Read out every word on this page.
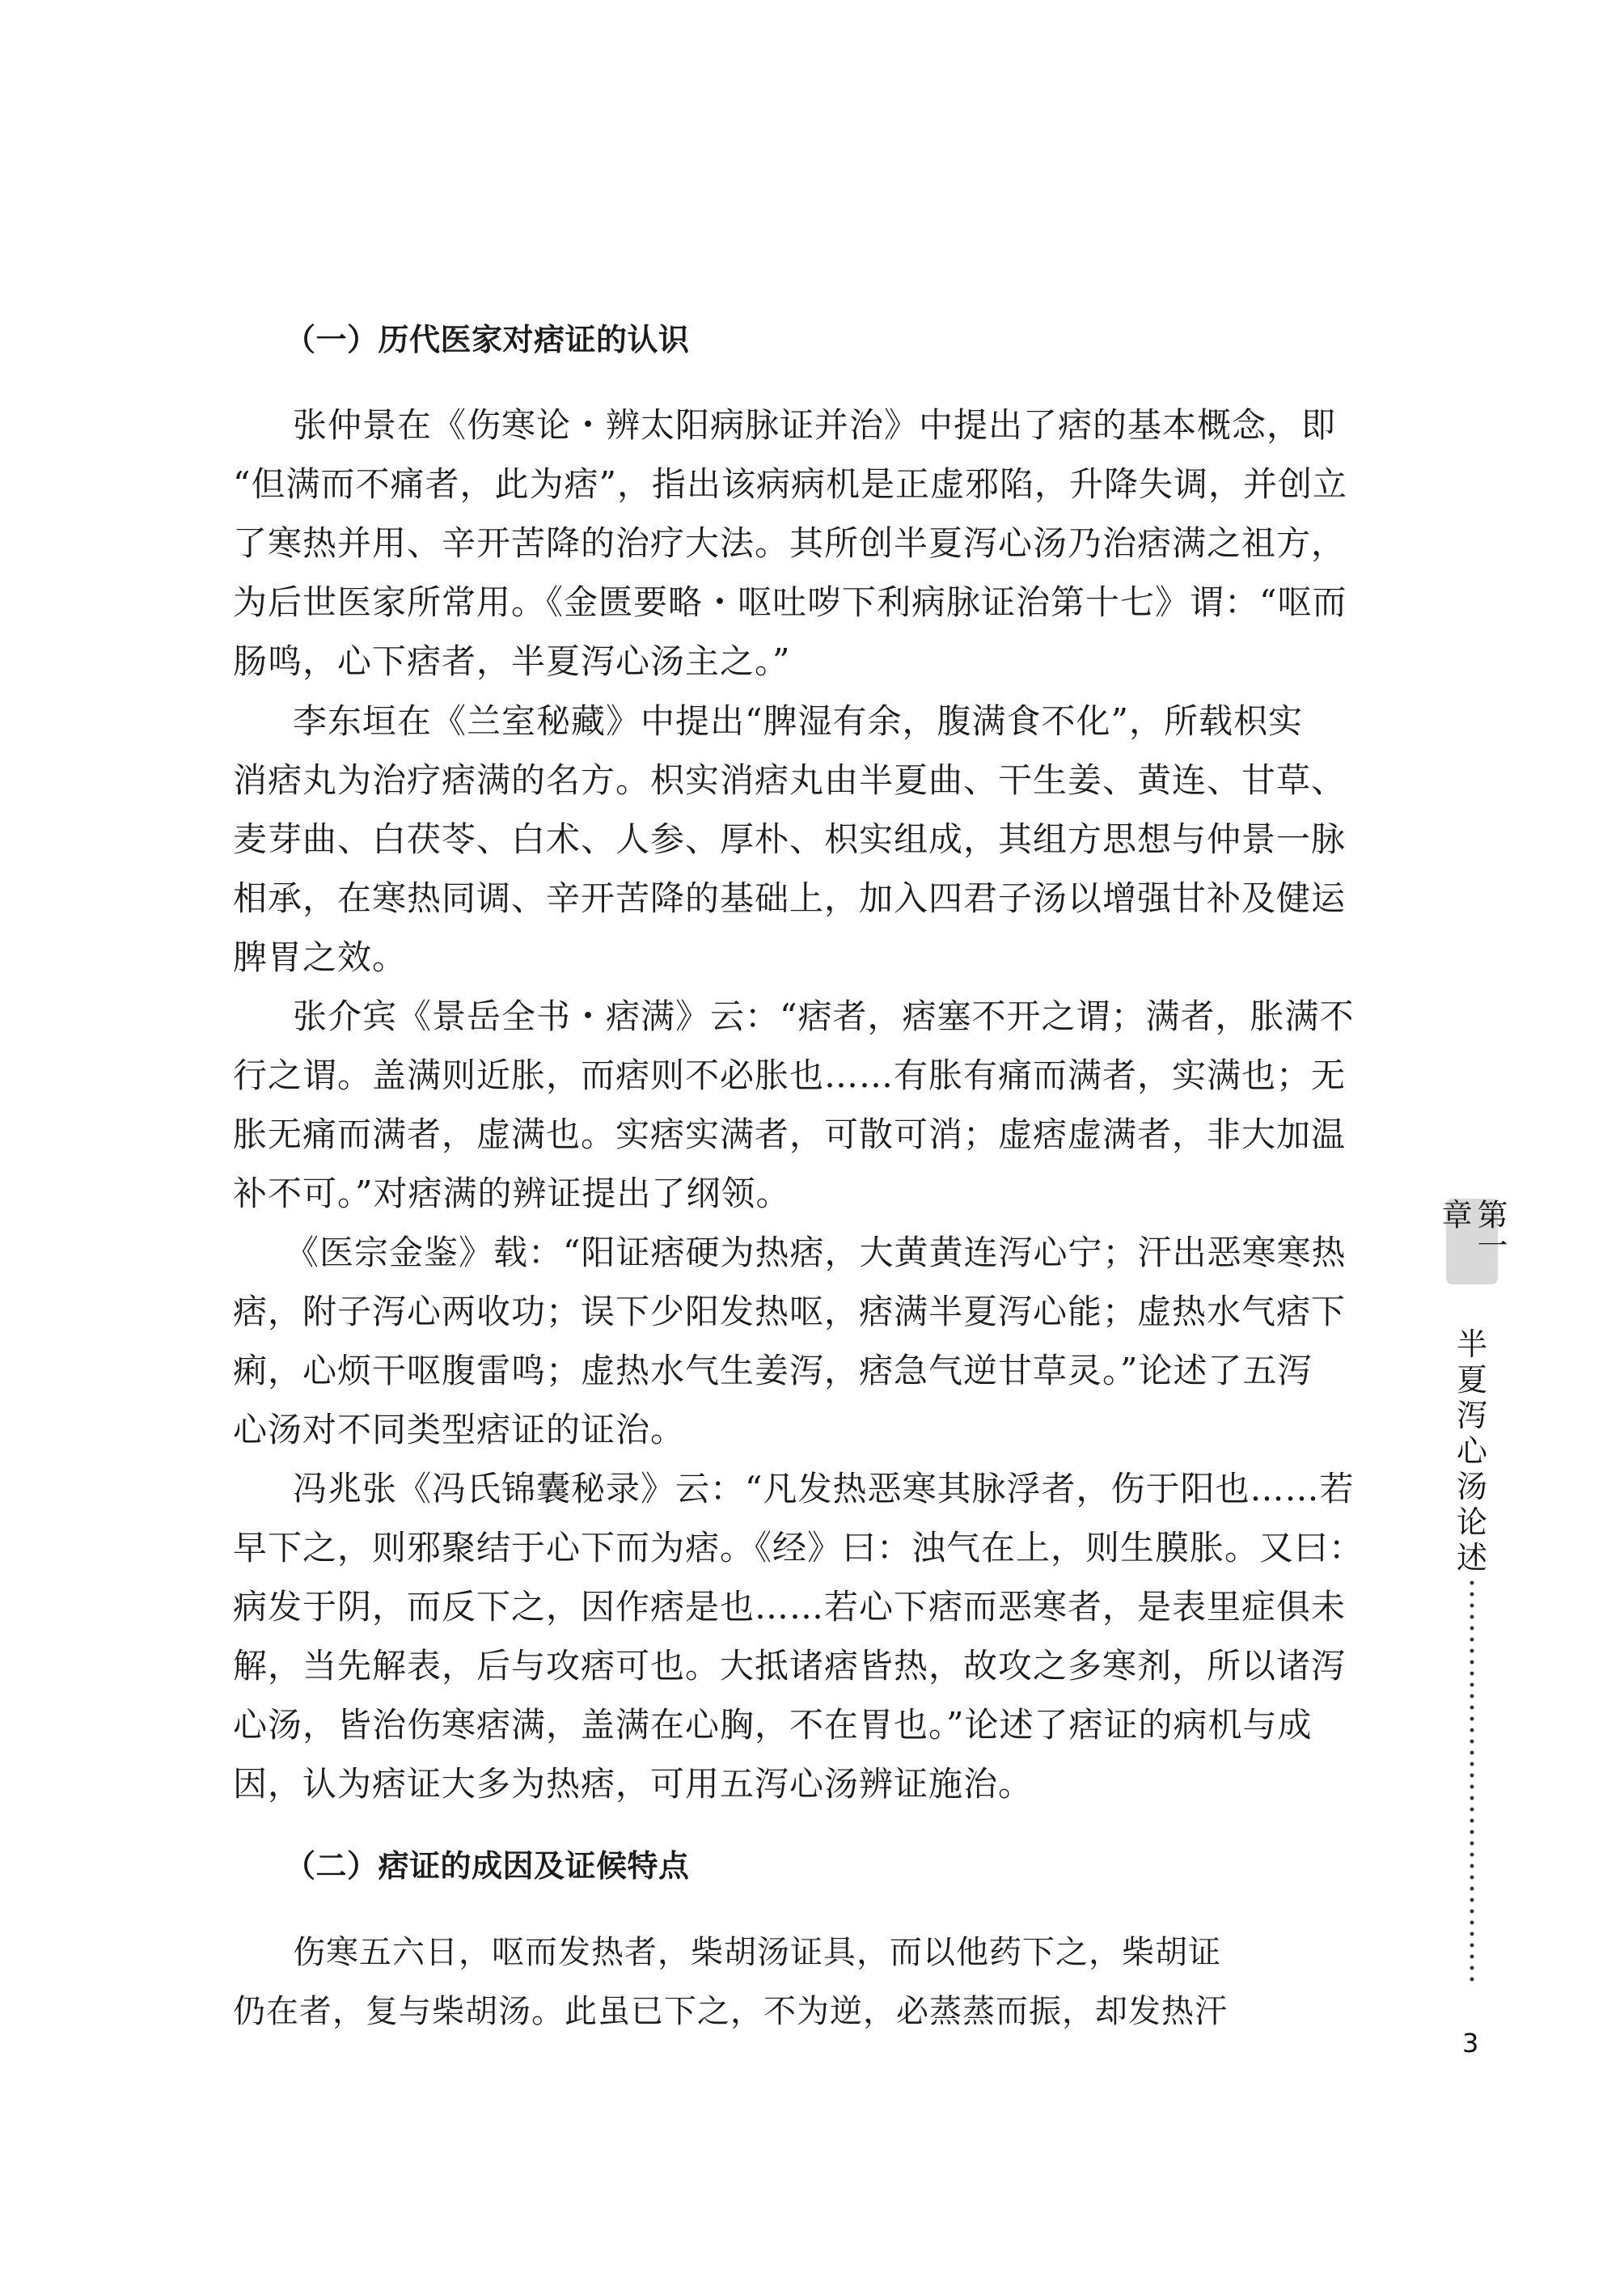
（一）历代医家对痞证的认识
张仲景在《伤寒论・辨太阳病脉证并治》中提出了痞的基本概念，即
“但满而不痛者，此为痞”，指出该病病机是正虚邪陷，升降失调，并创立
了寒热并用、辛开苦降的治疗大法。其所创半夏泻心汤乃治痞满之祖方，
为后世医家所常用。《金匮要略・呕吐哕下利病脉证治第十七》谓：“呕而
肠鸣，心下痞者，半夏泻心汤主之。”
李东垣在《兰室秘藏》中提出“脾湿有余，腹满食不化”，所载枳实
消痞丸为治疗痞满的名方。枳实消痞丸由半夏曲、干生姜、黄连、甘草、
麦芽曲、白茯苓、白术、人参、厚朴、枳实组成，其组方思想与仲景一脉
相承，在寒热同调、辛开苦降的基础上，加入四君子汤以增强甘补及健运
脾胃之效。
张介宾《景岳全书・痞满》云：“痞者，痞塞不开之谓；满者，胀满不
行之谓。盖满则近胀，而痞则不必胀也……有胀有痛而满者，实满也；无
胀无痛而满者，虚满也。实痞实满者，可散可消；虚痞虚满者，非大加温
补不可。”对痞满的辨证提出了纲领。
《医宗金鉴》载：“阳证痞硬为热痞，大黄黄连泻心宁；汗出恶寒寒热
痞，附子泻心两收功；误下少阳发热呕，痞满半夏泻心能；虚热水气痞下
痢，心烦干呕腹雷鸣；虚热水气生姜泻，痞急气逆甘草灵。”论述了五泻
心汤对不同类型痞证的证治。
冯兆张《冯氏锦囊秘录》云：“凡发热恶寒其脉浮者，伤于阳也……若
早下之，则邪聚结于心下而为痞。《经》曰：浊气在上，则生膜胀。又曰：
病发于阴，而反下之，因作痞是也……若心下痞而恶寒者，是表里症俱未
解，当先解表，后与攻痞可也。大抵诸痞皆热，故攻之多寒剂，所以诸泻
心汤，皆治伤寒痞满，盖满在心胸，不在胃也。”论述了痞证的病机与成
因，认为痞证大多为热痞，可用五泻心汤辨证施治。
（二）痞证的成因及证候特点
伤寒五六日，呕而发热者，柴胡汤证具，而以他药下之，柴胡证
仍在者，复与柴胡汤。此虽已下之，不为逆，必蒸蒸而振，却发热汗
第一章
半夏泻心汤论述
3
